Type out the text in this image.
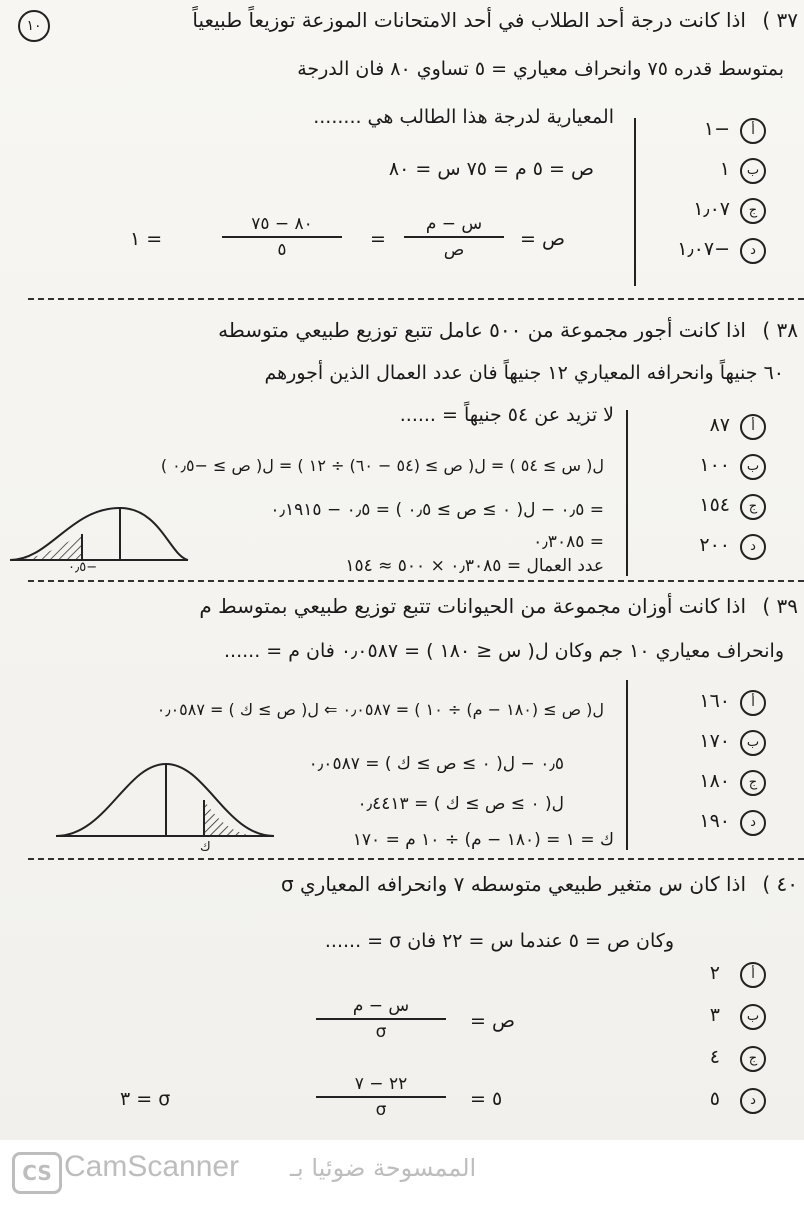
٣٧ )
١٠	اذا كانت درجة أحد الطلاب في أحد الامتحانات الموزعة توزيعاً طبيعياً
بمتوسط قدره ٧٥ وانحراف معياري = ٥ تساوي ٨٠ فان الدرجة
المعيارية لدرجة هذا الطالب هي ........
ص = ٥ م = ٧٥ س = ٨٠
ص =
س − م
ص
=
٨٠ − ٧٥
٥
= ١
أ
١−
ب
١
ج
١٫٠٧
د
١٫٠٧−
٣٨ )
اذا كانت أجور مجموعة من ٥٠٠ عامل تتبع توزيع طبيعي متوسطه
٦٠ جنيهاً وانحرافه المعياري ١٢ جنيهاً فان عدد العمال الذين أجورهم
لا تزيد عن ٥٤ جنيهاً = ......
ل( س ≥ ٥٤ ) = ل( ص ≥ (٥٤ − ٦٠) ÷ ١٢ ) = ل( ص ≥ −٠٫٥ )
= ٠٫٥ − ل( ٠ ≥ ص ≥ ٠٫٥ ) = ٠٫٥ − ٠٫١٩١٥
= ٠٫٣٠٨٥
عدد العمال = ٠٫٣٠٨٥ × ٥٠٠ ≈ ١٥٤
−٠٫٥
أ
٨٧
ب
١٠٠
ج
١٥٤
د
٢٠٠
٣٩ )
اذا كانت أوزان مجموعة من الحيوانات تتبع توزيع طبيعي بمتوسط م
وانحراف معياري ١٠ جم وكان ل( س ≤ ١٨٠ ) = ٠٫٠٥٨٧ فان م = ......
ل( ص ≥ (١٨٠ − م) ÷ ١٠ ) = ٠٫٠٥٨٧ ⇐ ل( ص ≥ ك ) = ٠٫٠٥٨٧
٠٫٥ − ل( ٠ ≥ ص ≥ ك ) = ٠٫٠٥٨٧
ل( ٠ ≥ ص ≥ ك ) = ٠٫٤٤١٣
ك = ١ = (١٨٠ − م) ÷ ١٠ م = ١٧٠
ك
أ
١٦٠
ب
١٧٠
ج
١٨٠
د
١٩٠
٤٠ )
اذا كان س متغير طبيعي متوسطه ٧ وانحرافه المعياري σ
وكان ص = ٥ عندما س = ٢٢ فان σ = ......
ص =
س − م
σ
٥ =
٢٢ − ٧
σ
σ = ٣
أ
٢
ب
٣
ج
٤
د
٥
CS CamScanner الممسوحة ضوئيا بـ
